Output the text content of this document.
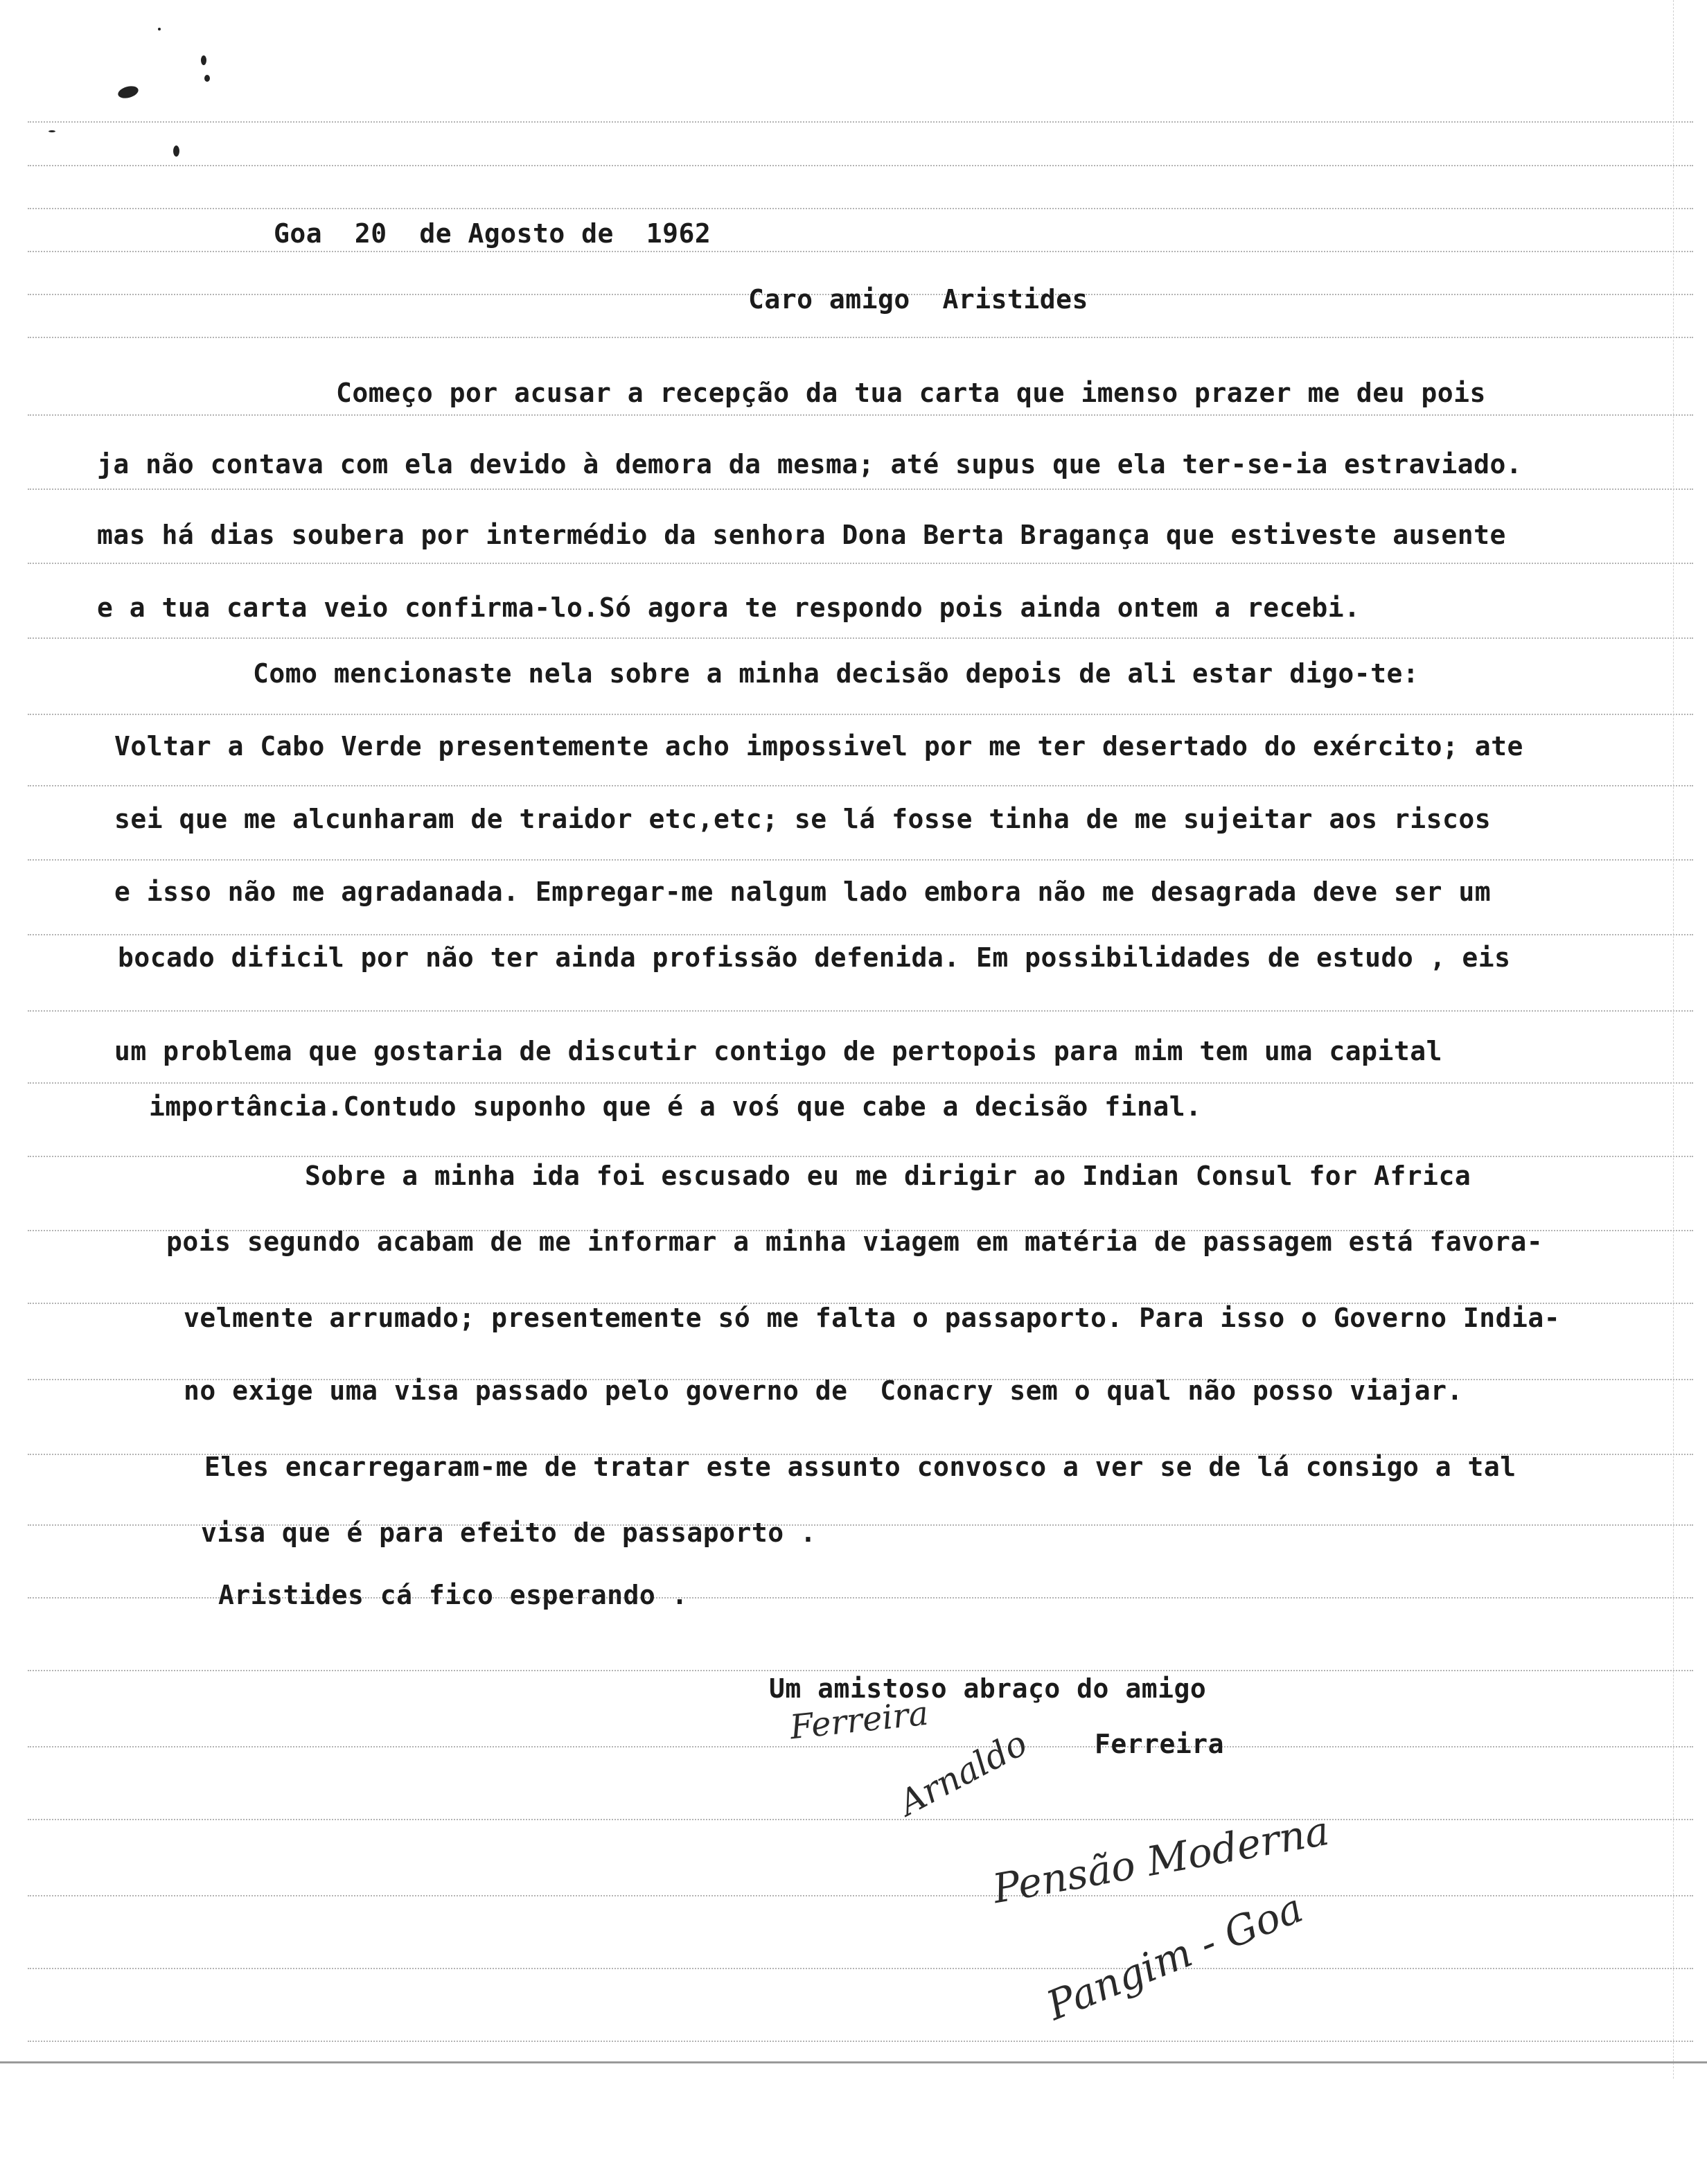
Goa  20  de Agosto de  1962
Caro amigo  Aristides
Começo por acusar a recepção da tua carta que imenso prazer me deu pois
ja não contava com ela devido à demora da mesma; até supus que ela ter-se-ia estraviado.
mas há dias soubera por intermédio da senhora Dona Berta Bragança que estiveste ausente
e a tua carta veio confirma-lo.Só agora te respondo pois ainda ontem a recebi.
Como mencionaste nela sobre a minha decisão depois de ali estar digo-te:
Voltar a Cabo Verde presentemente acho impossivel por me ter desertado do exército; ate
sei que me alcunharam de traidor etc,etc; se lá fosse tinha de me sujeitar aos riscos
e isso não me agradanada. Empregar-me nalgum lado embora não me desagrada deve ser um
bocado dificil por não ter ainda profissão defenida. Em possibilidades de estudo , eis
um problema que gostaria de discutir contigo de pertopois para mim tem uma capital
importância.Contudo suponho que é a voś que cabe a decisão final.
Sobre a minha ida foi escusado eu me dirigir ao Indian Consul for Africa
pois segundo acabam de me informar a minha viagem em matéria de passagem está favora-
velmente arrumado; presentemente só me falta o passaporto. Para isso o Governo India-
no exige uma visa passado pelo governo de  Conacry sem o qual não posso viajar.
Eles encarregaram-me de tratar este assunto convosco a ver se de lá consigo a tal
visa que é para efeito de passaporto .
Aristides cá fico esperando .
Um amistoso abraço do amigo
Ferreira
Ferreira
Arnaldo
Pensão Moderna
Pangim - Goa
